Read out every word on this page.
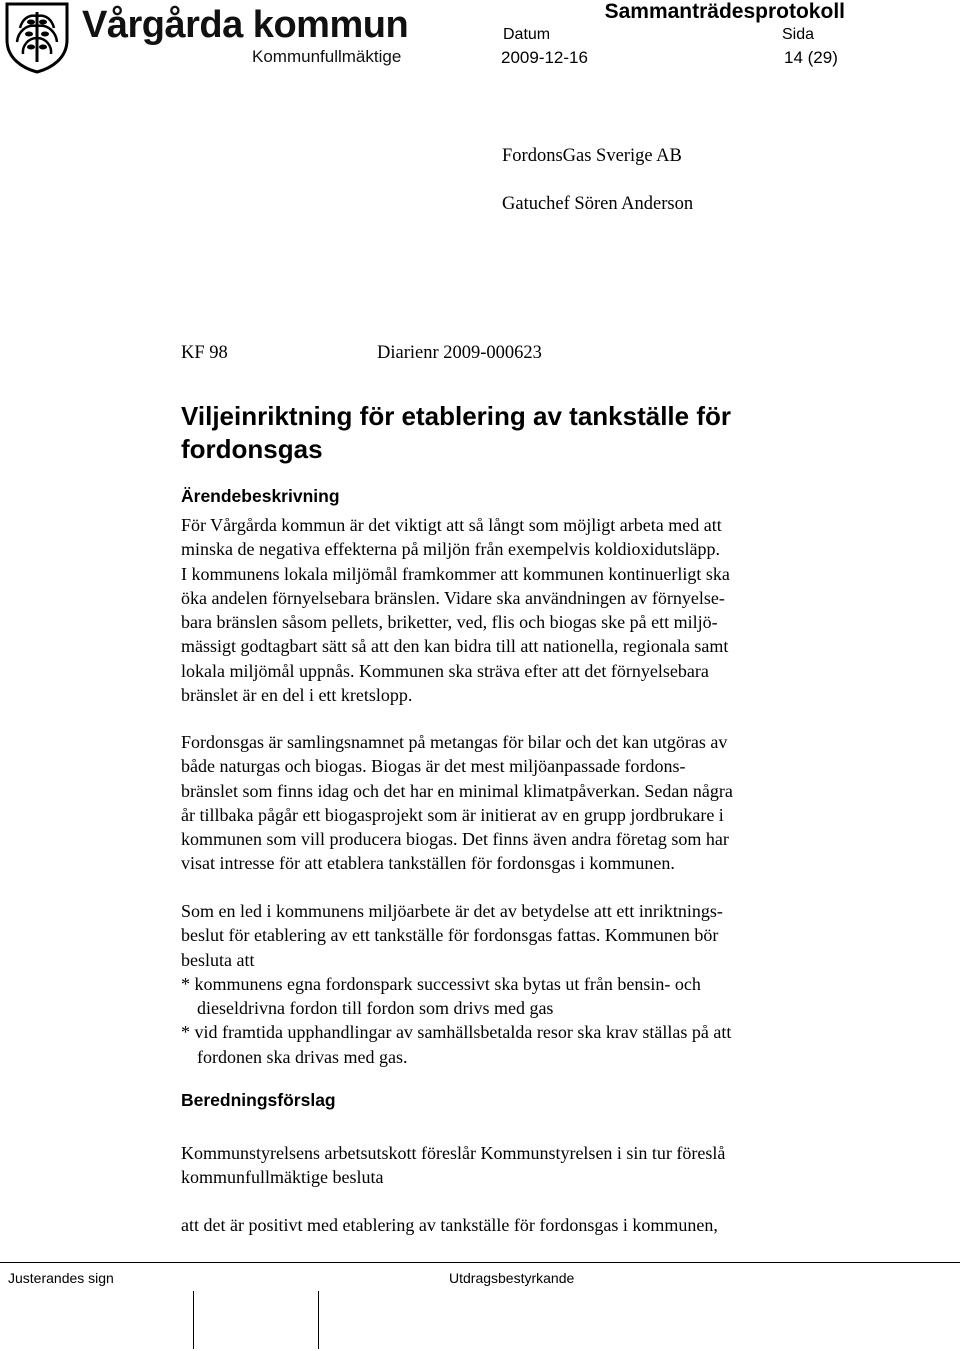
Vårgårda kommun
Kommunfullmäktige
Sammanträdesprotokoll
Datum	Sida
2009-12-16	14 (29)
FordonsGas Sverige AB
Gatuchef Sören Anderson
KF 98	Diarienr 2009-000623
Viljeinriktning för etablering av tankställe för
fordonsgas
Ärendebeskrivning
För Vårgårda kommun är det viktigt att så långt som möjligt arbeta med att
minska de negativa effekterna på miljön från exempelvis koldioxidutsläpp.
I kommunens lokala miljömål framkommer att kommunen kontinuerligt ska
öka andelen förnyelsebara bränslen. Vidare ska användningen av förnyelse-
bara bränslen såsom pellets, briketter, ved, flis och biogas ske på ett miljö-
mässigt godtagbart sätt så att den kan bidra till att nationella, regionala samt
lokala miljömål uppnås. Kommunen ska sträva efter att det förnyelsebara
bränslet är en del i ett kretslopp.
Fordonsgas är samlingsnamnet på metangas för bilar och det kan utgöras av
både naturgas och biogas. Biogas är det mest miljöanpassade fordons-
bränslet som finns idag och det har en minimal klimatpåverkan. Sedan några
år tillbaka pågår ett biogasprojekt som är initierat av en grupp jordbrukare i
kommunen som vill producera biogas. Det finns även andra företag som har
visat intresse för att etablera tankställen för fordonsgas i kommunen.
Som en led i kommunens miljöarbete är det av betydelse att ett inriktnings-
beslut för etablering av ett tankställe för fordonsgas fattas. Kommunen bör
besluta att
* kommunens egna fordonspark successivt ska bytas ut från bensin- och
dieseldrivna fordon till fordon som drivs med gas
* vid framtida upphandlingar av samhällsbetalda resor ska krav ställas på att
fordonen ska drivas med gas.
Beredningsförslag
Kommunstyrelsens arbetsutskott föreslår Kommunstyrelsen i sin tur föreslå
kommunfullmäktige besluta
att det är positivt med etablering av tankställe för fordonsgas i kommunen,
Justerandes sign	Utdragsbestyrkande
